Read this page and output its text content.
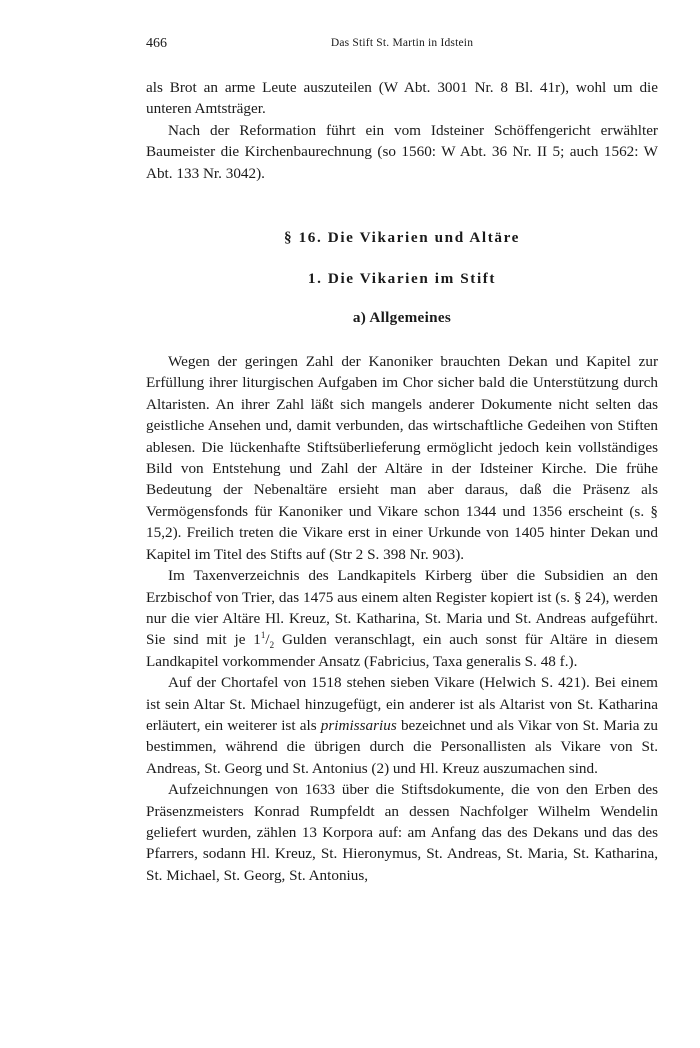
466	Das Stift St. Martin in Idstein

als Brot an arme Leute auszuteilen (W Abt. 3001 Nr. 8 Bl. 41r), wohl um die unteren Amtsträger.

Nach der Reformation führt ein vom Idsteiner Schöffengericht erwählter Baumeister die Kirchenbaurechnung (so 1560: W Abt. 36 Nr. II 5; auch 1562: W Abt. 133 Nr. 3042).

§ 16. Die Vikarien und Altäre
1. Die Vikarien im Stift
a) Allgemeines

Wegen der geringen Zahl der Kanoniker brauchten Dekan und Kapitel zur Erfüllung ihrer liturgischen Aufgaben im Chor sicher bald die Unterstützung durch Altaristen. An ihrer Zahl läßt sich mangels anderer Dokumente nicht selten das geistliche Ansehen und, damit verbunden, das wirtschaftliche Gedeihen von Stiften ablesen. Die lückenhafte Stiftsüberlieferung ermöglicht jedoch kein vollständiges Bild von Entstehung und Zahl der Altäre in der Idsteiner Kirche. Die frühe Bedeutung der Nebenaltäre ersieht man aber daraus, daß die Präsenz als Vermögensfonds für Kanoniker und Vikare schon 1344 und 1356 erscheint (s. § 15,2). Freilich treten die Vikare erst in einer Urkunde von 1405 hinter Dekan und Kapitel im Titel des Stifts auf (Str 2 S. 398 Nr. 903).

Im Taxenverzeichnis des Landkapitels Kirberg über die Subsidien an den Erzbischof von Trier, das 1475 aus einem alten Register kopiert ist (s. § 24), werden nur die vier Altäre Hl. Kreuz, St. Katharina, St. Maria und St. Andreas aufgeführt. Sie sind mit je $1^1/_2$ Gulden veranschlagt, ein auch sonst für Altäre in diesem Landkapitel vorkommender Ansatz (Fabricius, Taxa generalis S. 48 f.).

Auf der Chortafel von 1518 stehen sieben Vikare (Helwich S. 421). Bei einem ist sein Altar St. Michael hinzugefügt, ein anderer ist als Altarist von St. Katharina erläutert, ein weiterer ist als primissarius bezeichnet und als Vikar von St. Maria zu bestimmen, während die übrigen durch die Personallisten als Vikare von St. Andreas, St. Georg und St. Antonius (2) und Hl. Kreuz auszumachen sind.

Aufzeichnungen von 1633 über die Stiftsdokumente, die von den Erben des Präsenzmeisters Konrad Rumpfeldt an dessen Nachfolger Wilhelm Wendelin geliefert wurden, zählen 13 Korpora auf: am Anfang das des Dekans und das des Pfarrers, sodann Hl. Kreuz, St. Hieronymus, St. Andreas, St. Maria, St. Katharina, St. Michael, St. Georg, St. Antonius,
